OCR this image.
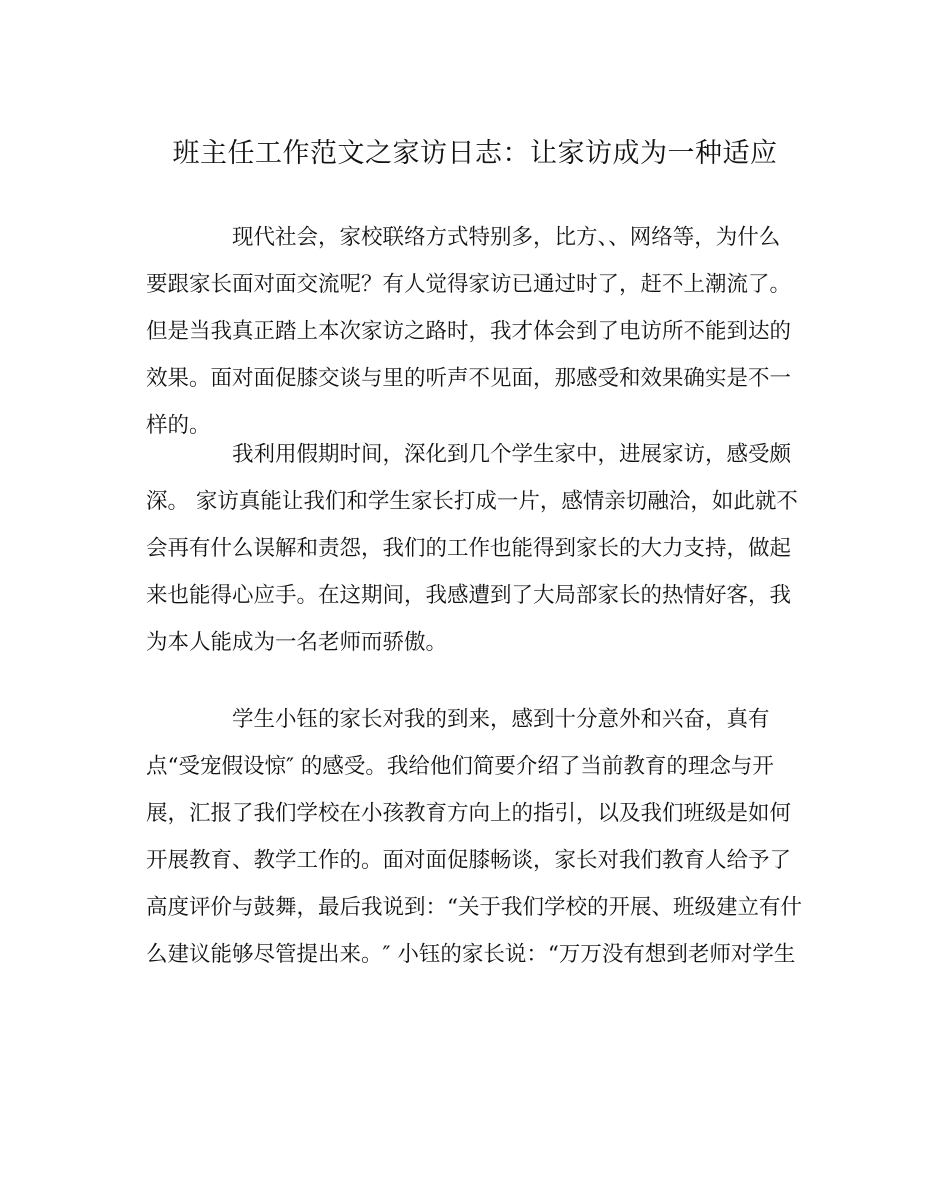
班主任工作范文之家访日志：让家访成为一种适应
现代社会，家校联络方式特别多，比方、、网络等，为什么
要跟家长面对面交流呢？有人觉得家访已通过时了，赶不上潮流了。
但是当我真正踏上本次家访之路时，我才体会到了电访所不能到达的
效果。面对面促膝交谈与里的听声不见面，那感受和效果确实是不一
样的。
我利用假期时间，深化到几个学生家中，进展家访，感受颇
深。 家访真能让我们和学生家长打成一片，感情亲切融洽，如此就不
会再有什么误解和责怨，我们的工作也能得到家长的大力支持，做起
来也能得心应手。在这期间，我感遭到了大局部家长的热情好客，我
为本人能成为一名老师而骄傲。
学生小钰的家长对我的到来，感到十分意外和兴奋，真有
点“受宠假设惊″ 的感受。我给他们简要介绍了当前教育的理念与开
展，汇报了我们学校在小孩教育方向上的指引，以及我们班级是如何
开展教育、教学工作的。面对面促膝畅谈，家长对我们教育人给予了
高度评价与鼓舞，最后我说到：“关于我们学校的开展、班级建立有什
么建议能够尽管提出来。″ 小钰的家长说：“万万没有想到老师对学生
